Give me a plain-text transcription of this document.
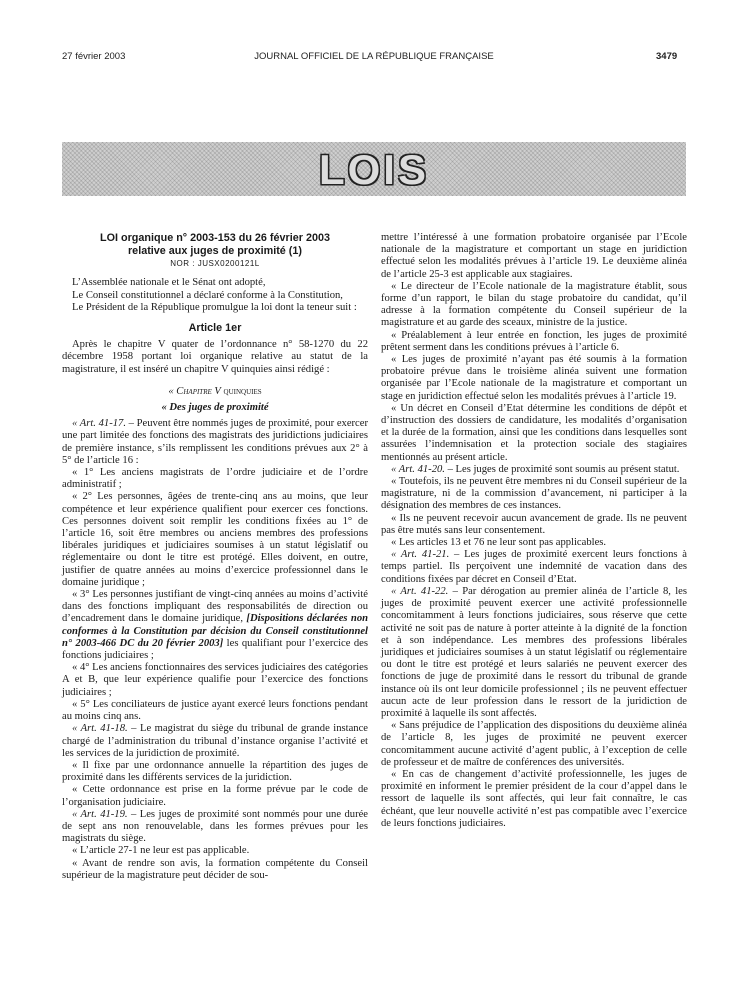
27 février 2003	JOURNAL OFFICIEL DE LA RÉPUBLIQUE FRANÇAISE	3479
LOIS
LOI organique n° 2003-153 du 26 février 2003
relative aux juges de proximité (1)
NOR : JUSX0200121L

L’Assemblée nationale et le Sénat ont adopté,

Le Conseil constitutionnel a déclaré conforme à la Constitution,

Le Président de la République promulgue la loi dont la teneur suit :

Article 1er

Après le chapitre V quater de l’ordonnance n° 58-1270 du 22 décembre 1958 portant loi organique relative au statut de la magistrature, il est inséré un chapitre V quinquies ainsi rédigé :

« Chapitre V quinquies
« Des juges de proximité

« Art. 41-17. – Peuvent être nommés juges de proximité, pour exercer une part limitée des fonctions des magistrats des juridictions judiciaires de première instance, s’ils remplissent les conditions prévues aux 2° à 5° de l’article 16 :

« 1° Les anciens magistrats de l’ordre judiciaire et de l’ordre administratif ;

« 2° Les personnes, âgées de trente-cinq ans au moins, que leur compétence et leur expérience qualifient pour exercer ces fonctions. Ces personnes doivent soit remplir les conditions fixées au 1° de l’article 16, soit être membres ou anciens membres des professions libérales juridiques et judiciaires soumises à un statut législatif ou réglementaire ou dont le titre est protégé. Elles doivent, en outre, justifier de quatre années au moins d’exercice professionnel dans le domaine juridique ;

« 3° Les personnes justifiant de vingt-cinq années au moins d’activité dans des fonctions impliquant des responsabilités de direction ou d’encadrement dans le domaine juridique, [Dispositions déclarées non conformes à la Constitution par décision du Conseil constitutionnel n° 2003-466 DC du 20 février 2003] les qualifiant pour l’exercice des fonctions judiciaires ;

« 4° Les anciens fonctionnaires des services judiciaires des catégories A et B, que leur expérience qualifie pour l’exercice des fonctions judiciaires ;

« 5° Les conciliateurs de justice ayant exercé leurs fonctions pendant au moins cinq ans.

« Art. 41-18. – Le magistrat du siège du tribunal de grande instance chargé de l’administration du tribunal d’instance organise l’activité et les services de la juridiction de proximité.

« Il fixe par une ordonnance annuelle la répartition des juges de proximité dans les différents services de la juridiction.

« Cette ordonnance est prise en la forme prévue par le code de l’organisation judiciaire.

« Art. 41-19. – Les juges de proximité sont nommés pour une durée de sept ans non renouvelable, dans les formes prévues pour les magistrats du siège.

« L’article 27-1 ne leur est pas applicable.

« Avant de rendre son avis, la formation compétente du Conseil supérieur de la magistrature peut décider de sou-

mettre l’intéressé à une formation probatoire organisée par l’Ecole nationale de la magistrature et comportant un stage en juridiction effectué selon les modalités prévues à l’article 19. Le deuxième alinéa de l’article 25-3 est applicable aux stagiaires.

« Le directeur de l’Ecole nationale de la magistrature établit, sous forme d’un rapport, le bilan du stage probatoire du candidat, qu’il adresse à la formation compétente du Conseil supérieur de la magistrature et au garde des sceaux, ministre de la justice.

« Préalablement à leur entrée en fonction, les juges de proximité prêtent serment dans les conditions prévues à l’article 6.

« Les juges de proximité n’ayant pas été soumis à la formation probatoire prévue dans le troisième alinéa suivent une formation organisée par l’Ecole nationale de la magistrature et comportant un stage en juridiction effectué selon les modalités prévues à l’article 19.

« Un décret en Conseil d’Etat détermine les conditions de dépôt et d’instruction des dossiers de candidature, les modalités d’organisation et la durée de la formation, ainsi que les conditions dans lesquelles sont assurées l’indemnisation et la protection sociale des stagiaires mentionnés au présent article.

« Art. 41-20. – Les juges de proximité sont soumis au présent statut.

« Toutefois, ils ne peuvent être membres ni du Conseil supérieur de la magistrature, ni de la commission d’avancement, ni participer à la désignation des membres de ces instances.

« Ils ne peuvent recevoir aucun avancement de grade. Ils ne peuvent pas être mutés sans leur consentement.

« Les articles 13 et 76 ne leur sont pas applicables.

« Art. 41-21. – Les juges de proximité exercent leurs fonctions à temps partiel. Ils perçoivent une indemnité de vacation dans des conditions fixées par décret en Conseil d’Etat.

« Art. 41-22. – Par dérogation au premier alinéa de l’article 8, les juges de proximité peuvent exercer une activité professionnelle concomitamment à leurs fonctions judiciaires, sous réserve que cette activité ne soit pas de nature à porter atteinte à la dignité de la fonction et à son indépendance. Les membres des professions libérales juridiques et judiciaires soumises à un statut législatif ou réglementaire ou dont le titre est protégé et leurs salariés ne peuvent exercer des fonctions de juge de proximité dans le ressort du tribunal de grande instance où ils ont leur domicile professionnel ; ils ne peuvent effectuer aucun acte de leur profession dans le ressort de la juridiction de proximité à laquelle ils sont affectés.

« Sans préjudice de l’application des dispositions du deuxième alinéa de l’article 8, les juges de proximité ne peuvent exercer concomitamment aucune activité d’agent public, à l’exception de celle de professeur et de maître de conférences des universités.

« En cas de changement d’activité professionnelle, les juges de proximité en informent le premier président de la cour d’appel dans le ressort de laquelle ils sont affectés, qui leur fait connaître, le cas échéant, que leur nouvelle activité n’est pas compatible avec l’exercice de leurs fonctions judiciaires.
